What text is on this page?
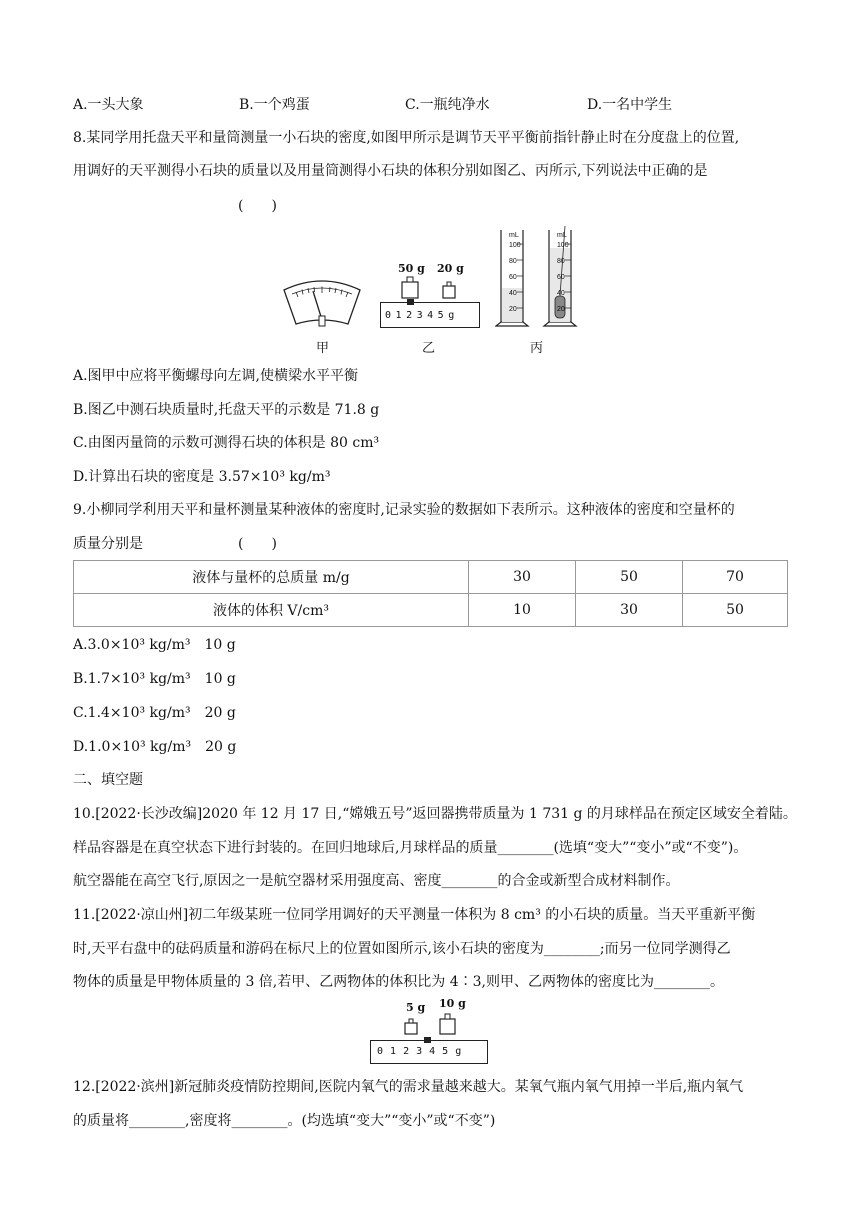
A.一头大象	B.一个鸡蛋	C.一瓶纯净水	D.一名中学生
8.某同学用托盘天平和量筒测量一小石块的密度,如图甲所示是调节天平平衡前指针静止时在分度盘上的位置,
用调好的天平测得小石块的质量以及用量筒测得小石块的体积分别如图乙、丙所示,下列说法中正确的是
(　　)
甲
50 g 20 g
012345g
乙
mL
100
80
60
40
20
mL
100
80
60
40
20
丙
A.图甲中应将平衡螺母向左调,使横梁水平平衡
B.图乙中测石块质量时,托盘天平的示数是 71.8 g
C.由图丙量筒的示数可测得石块的体积是 80 cm³
D.计算出石块的密度是 3.57×10³ kg/m³
9.小柳同学利用天平和量杯测量某种液体的密度时,记录实验的数据如下表所示。这种液体的密度和空量杯的
质量分别是	(　　)
液体与量杯的总质量 m/g	30	50	70
液体的体积 V/cm³	10	30	50
A.3.0×10³ kg/m³　10 g
B.1.7×10³ kg/m³　10 g
C.1.4×10³ kg/m³　20 g
D.1.0×10³ kg/m³　20 g
二、填空题
10.[2022·长沙改编]2020 年 12 月 17 日,“嫦娥五号”返回器携带质量为 1 731 g 的月球样品在预定区域安全着陆。
样品容器是在真空状态下进行封装的。在回归地球后,月球样品的质量________(选填“变大”“变小”或“不变”)。
航空器能在高空飞行,原因之一是航空器材采用强度高、密度________的合金或新型合成材料制作。
11.[2022·凉山州]初二年级某班一位同学用调好的天平测量一体积为 8 cm³ 的小石块的质量。当天平重新平衡
时,天平右盘中的砝码质量和游码在标尺上的位置如图所示,该小石块的密度为________;而另一位同学测得乙
物体的质量是甲物体质量的 3 倍,若甲、乙两物体的体积比为 4∶3,则甲、乙两物体的密度比为________。
5 g 10 g
012345g
12.[2022·滨州]新冠肺炎疫情防控期间,医院内氧气的需求量越来越大。某氧气瓶内氧气用掉一半后,瓶内氧气
的质量将________,密度将________。(均选填“变大”“变小”或“不变”)
